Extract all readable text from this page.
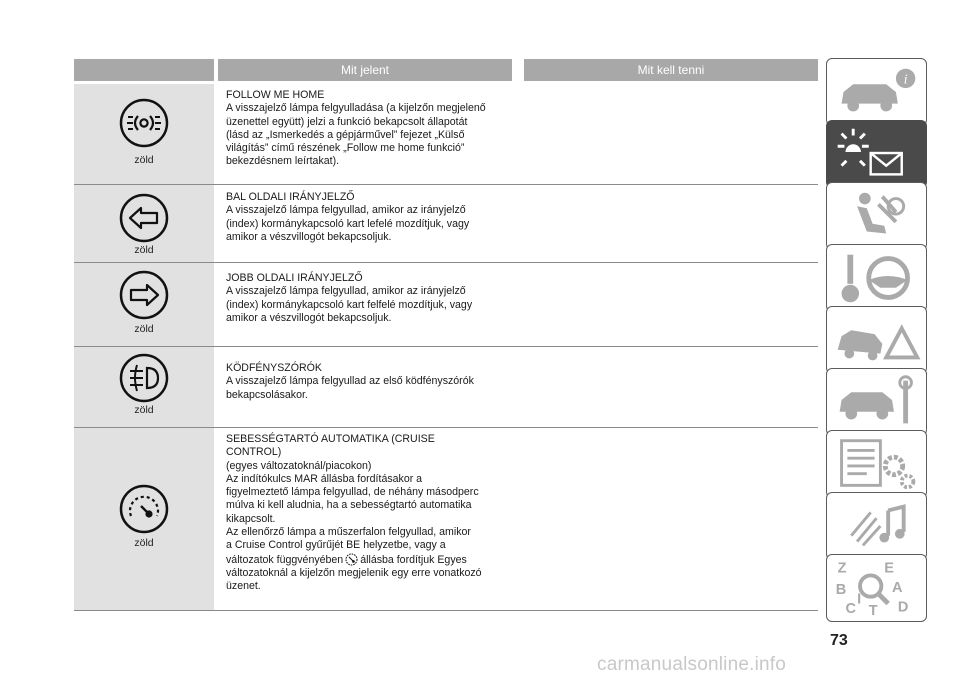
Mit jelent	Mit kell tenni
zöld
FOLLOW ME HOME
A visszajelző lámpa felgyulladása (a kijelzőn megjelenő
üzenettel együtt) jelzi a funkció bekapcsolt állapotát
(lásd az „Ismerkedés a gépjárművel” fejezet „Külső
világítás” című részének „Follow me home funkció”
bekezdésnem leírtakat).
zöld
BAL OLDALI IRÁNYJELZŐ
A visszajelző lámpa felgyullad, amikor az irányjelző
(index) kormánykapcsoló kart lefelé mozdítjuk, vagy
amikor a vészvillogót bekapcsoljuk.
zöld
JOBB OLDALI IRÁNYJELZŐ
A visszajelző lámpa felgyullad, amikor az irányjelző
(index) kormánykapcsoló kart felfelé mozdítjuk, vagy
amikor a vészvillogót bekapcsoljuk.
zöld
KÖDFÉNYSZÓRÓK
A visszajelző lámpa felgyullad az első ködfényszórók
bekapcsolásakor.
zöld
SEBESSÉGTARTÓ AUTOMATIKA (CRUISE
CONTROL)
(egyes változatoknál/piacokon)
Az indítókulcs MAR állásba fordításakor a
figyelmeztető lámpa felgyullad, de néhány másodperc
múlva ki kell aludnia, ha a sebességtartó automatika
kikapcsolt.
Az ellenőrző lámpa a műszerfalon felgyullad, amikor
a Cruise Control gyűrűjét BE helyzetbe, vagy a
változatok függvényében állásba fordítjuk Egyes
változatoknál a kijelzőn megjelenik egy erre vonatkozó
üzenet.
i
Z	E
B	A
C T D
I
73
carmanualsonline.info
